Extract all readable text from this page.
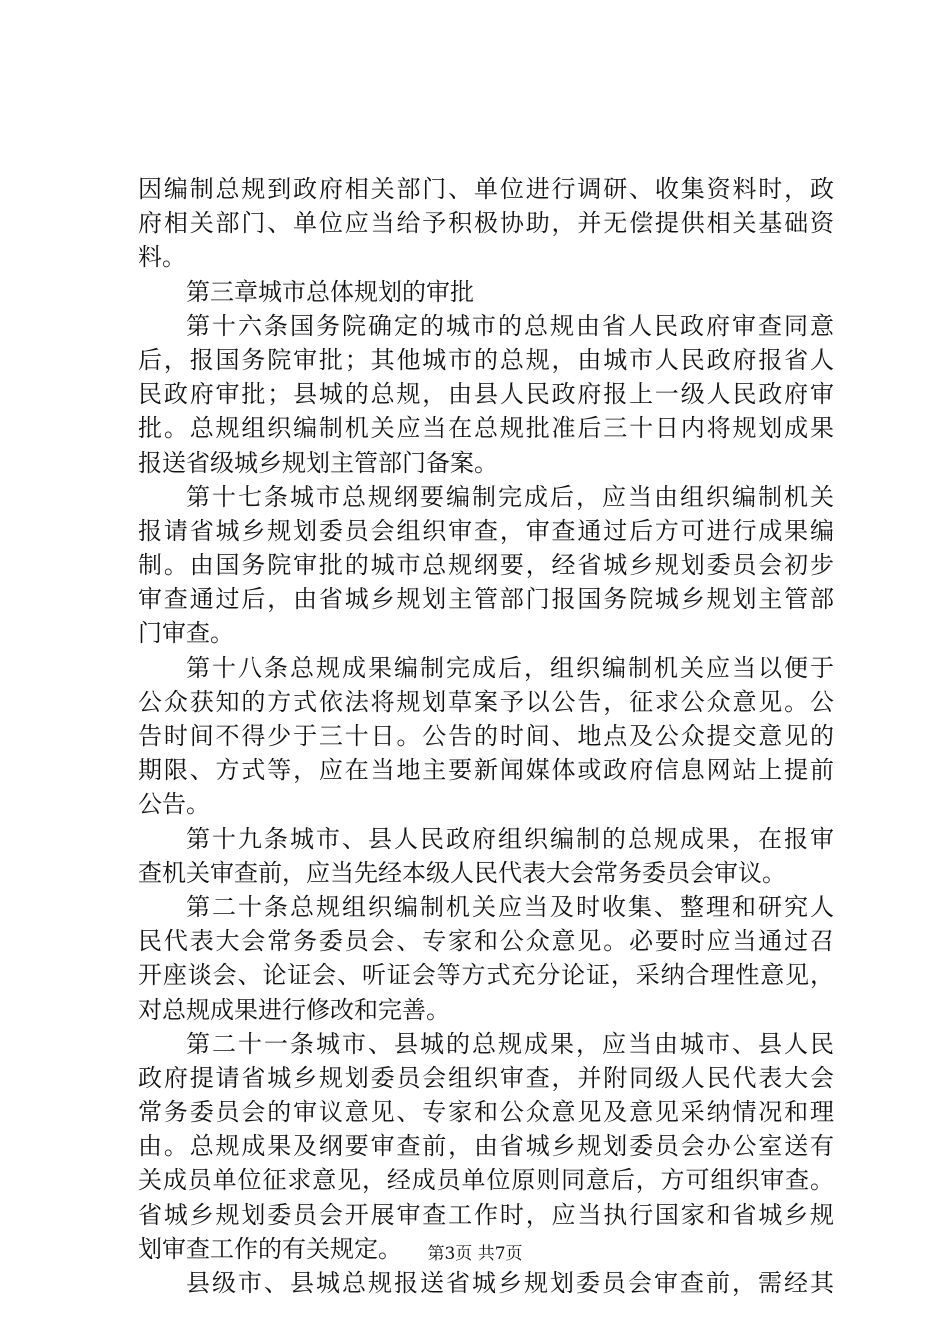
因编制总规到政府相关部门、单位进行调研、收集资料时，政
府相关部门、单位应当给予积极协助，并无偿提供相关基础资
料。
第三章城市总体规划的审批
第十六条国务院确定的城市的总规由省人民政府审查同意
后，报国务院审批；其他城市的总规，由城市人民政府报省人
民政府审批；县城的总规，由县人民政府报上一级人民政府审
批。总规组织编制机关应当在总规批准后三十日内将规划成果
报送省级城乡规划主管部门备案。
第十七条城市总规纲要编制完成后，应当由组织编制机关
报请省城乡规划委员会组织审查，审查通过后方可进行成果编
制。由国务院审批的城市总规纲要，经省城乡规划委员会初步
审查通过后，由省城乡规划主管部门报国务院城乡规划主管部
门审查。
第十八条总规成果编制完成后，组织编制机关应当以便于
公众获知的方式依法将规划草案予以公告，征求公众意见。公
告时间不得少于三十日。公告的时间、地点及公众提交意见的
期限、方式等，应在当地主要新闻媒体或政府信息网站上提前
公告。
第十九条城市、县人民政府组织编制的总规成果，在报审
查机关审查前，应当先经本级人民代表大会常务委员会审议。
第二十条总规组织编制机关应当及时收集、整理和研究人
民代表大会常务委员会、专家和公众意见。必要时应当通过召
开座谈会、论证会、听证会等方式充分论证，采纳合理性意见，
对总规成果进行修改和完善。
第二十一条城市、县城的总规成果，应当由城市、县人民
政府提请省城乡规划委员会组织审查，并附同级人民代表大会
常务委员会的审议意见、专家和公众意见及意见采纳情况和理
由。总规成果及纲要审查前，由省城乡规划委员会办公室送有
关成员单位征求意见，经成员单位原则同意后，方可组织审查。
省城乡规划委员会开展审查工作时，应当执行国家和省城乡规
划审查工作的有关规定。
县级市、县城总规报送省城乡规划委员会审查前，需经其
第3页 共7页
